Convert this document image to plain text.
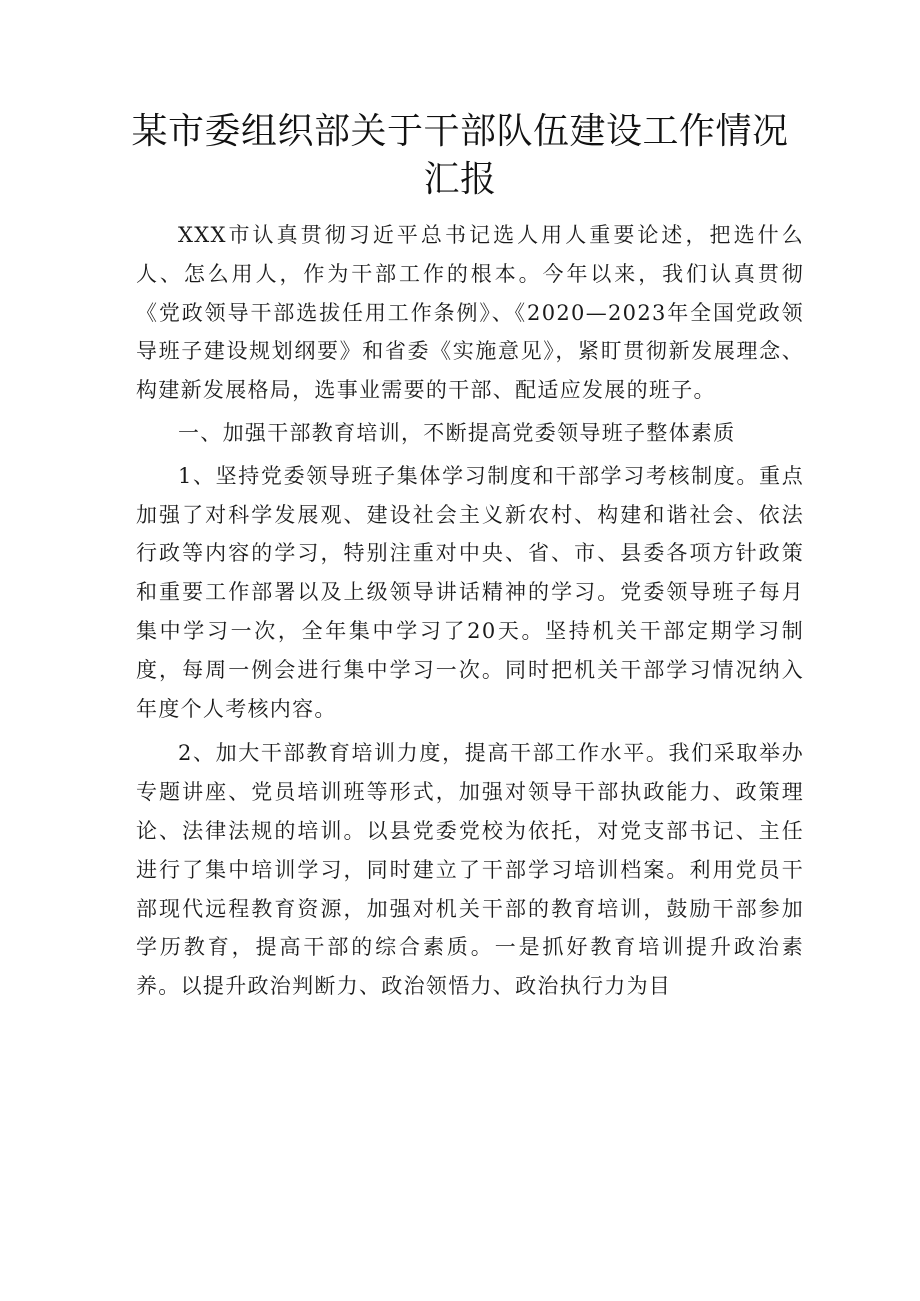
某市委组织部关于干部队伍建设工作情况汇报

XXX市认真贯彻习近平总书记选人用人重要论述，把选什么人、怎么用人，作为干部工作的根本。今年以来，我们认真贯彻《党政领导干部选拔任用工作条例》、《2020—2023年全国党政领导班子建设规划纲要》和省委《实施意见》，紧盯贯彻新发展理念、构建新发展格局，选事业需要的干部、配适应发展的班子。

一、加强干部教育培训，不断提高党委领导班子整体素质

1、坚持党委领导班子集体学习制度和干部学习考核制度。重点加强了对科学发展观、建设社会主义新农村、构建和谐社会、依法行政等内容的学习，特别注重对中央、省、市、县委各项方针政策和重要工作部署以及上级领导讲话精神的学习。党委领导班子每月集中学习一次，全年集中学习了20天。坚持机关干部定期学习制度，每周一例会进行集中学习一次。同时把机关干部学习情况纳入年度个人考核内容。

2、加大干部教育培训力度，提高干部工作水平。我们采取举办专题讲座、党员培训班等形式，加强对领导干部执政能力、政策理论、法律法规的培训。以县党委党校为依托，对党支部书记、主任进行了集中培训学习，同时建立了干部学习培训档案。利用党员干部现代远程教育资源，加强对机关干部的教育培训，鼓励干部参加学历教育，提高干部的综合素质。一是抓好教育培训提升政治素养。以提升政治判断力、政治领悟力、政治执行力为目
